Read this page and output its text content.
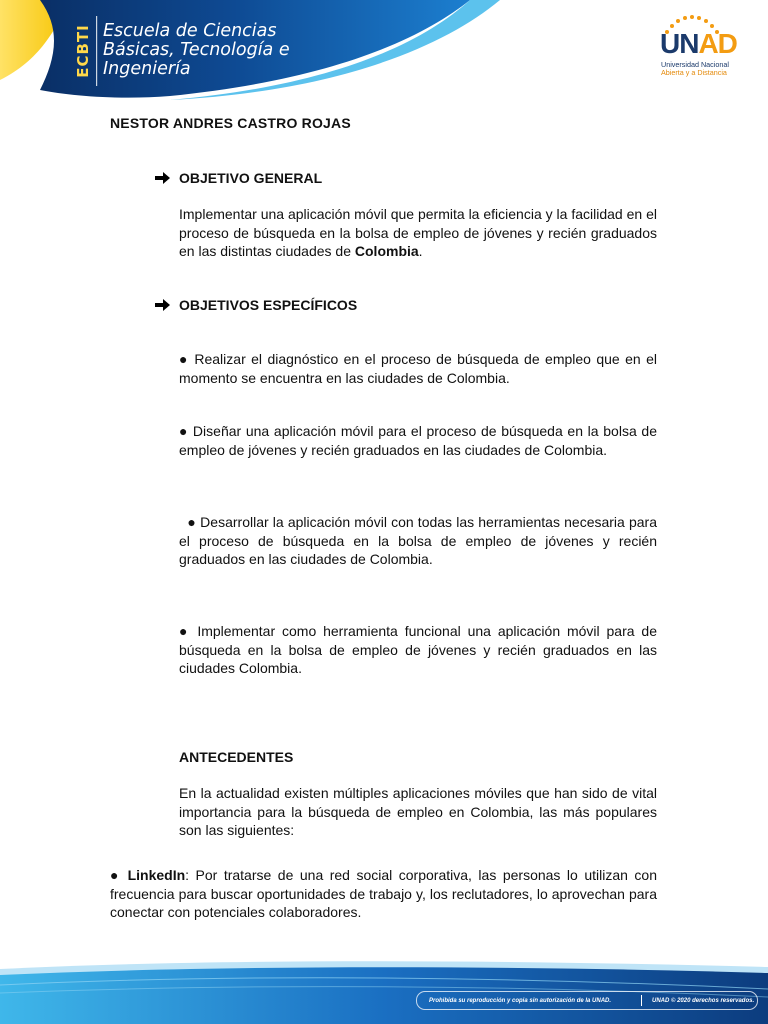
ECBTI Escuela de Ciencias
Básicas, Tecnología e
Ingeniería
UNAD
Universidad Nacional
Abierta y a Distancia
NESTOR ANDRES CASTRO ROJAS
OBJETIVO GENERAL
Implementar una aplicación móvil que permita la eficiencia y la facilidad en el proceso de búsqueda en la bolsa de empleo de jóvenes y recién graduados en las distintas ciudades de Colombia.
OBJETIVOS ESPECÍFICOS
● Realizar el diagnóstico en el proceso de búsqueda de empleo que en el momento se encuentra en las ciudades de Colombia.
● Diseñar una aplicación móvil para el proceso de búsqueda en la bolsa de empleo de jóvenes y recién graduados en las ciudades de Colombia.
● Desarrollar la aplicación móvil con todas las herramientas necesaria para el proceso de búsqueda en la bolsa de empleo de jóvenes y recién graduados en las ciudades de Colombia.
● Implementar como herramienta funcional una aplicación móvil para de búsqueda en la bolsa de empleo de jóvenes y recién graduados en las ciudades Colombia.
ANTECEDENTES
En la actualidad existen múltiples aplicaciones móviles que han sido de vital importancia para la búsqueda de empleo en Colombia, las más populares son las siguientes:
● LinkedIn: Por tratarse de una red social corporativa, las personas lo utilizan con frecuencia para buscar oportunidades de trabajo y, los reclutadores, lo aprovechan para conectar con potenciales colaboradores.
Prohibida su reproducción y copia sin autorización de la UNAD.	UNAD © 2020 derechos reservados.
